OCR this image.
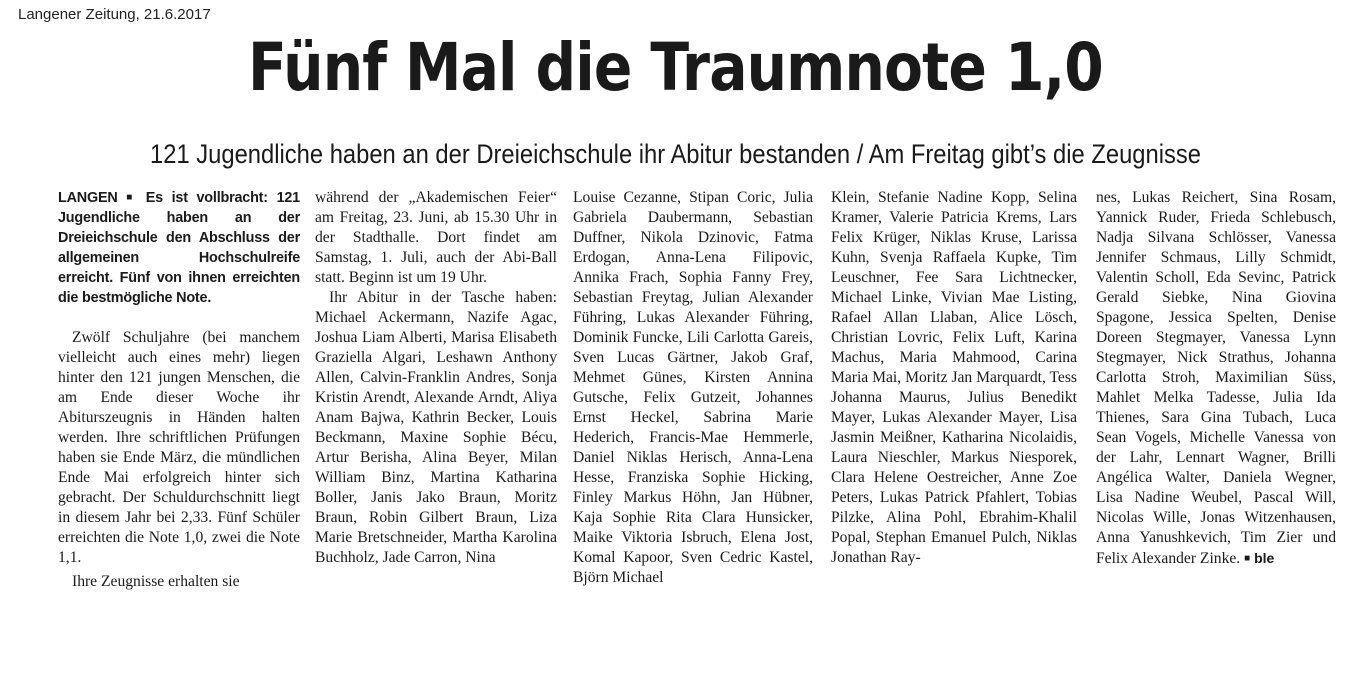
Langener Zeitung, 21.6.2017
Fünf Mal die Traumnote 1,0
121 Jugendliche haben an der Dreieichschule ihr Abitur bestanden / Am Freitag gibt’s die Zeugnisse

LANGEN ■ Es ist vollbracht: 121 Jugendliche haben an der Dreieichschule den Abschluss der allgemeinen Hochschulreife erreicht. Fünf von ihnen erreichten die bestmögliche Note.

Zwölf Schuljahre (bei manchem vielleicht auch eines mehr) liegen hinter den 121 jungen Menschen, die am Ende dieser Woche ihr Abiturszeugnis in Händen halten werden. Ihre schriftlichen Prüfungen haben sie Ende März, die mündlichen Ende Mai erfolgreich hinter sich gebracht. Der Schuldurchschnitt liegt in diesem Jahr bei 2,33. Fünf Schüler erreichten die Note 1,0, zwei die Note 1,1.

Ihre Zeugnisse erhalten sie

während der „Akademischen Feier“ am Freitag, 23. Juni, ab 15.30 Uhr in der Stadthalle. Dort findet am Samstag, 1. Juli, auch der Abi-Ball statt. Beginn ist um 19 Uhr.

Ihr Abitur in der Tasche haben: Michael Ackermann, Nazife Agac, Joshua Liam Alberti, Marisa Elisabeth Graziella Algari, Leshawn Anthony Allen, Calvin-Franklin Andres, Sonja Kristin Arendt, Alexande Arndt, Aliya Anam Bajwa, Kathrin Becker, Louis Beckmann, Maxine Sophie Bécu, Artur Berisha, Alina Beyer, Milan William Binz, Martina Katharina Boller, Janis Jako Braun, Moritz Braun, Robin Gilbert Braun, Liza Marie Bretschneider, Martha Karolina Buchholz, Jade Carron, Nina

Louise Cezanne, Stipan Coric, Julia Gabriela Daubermann, Sebastian Duffner, Nikola Dzinovic, Fatma Erdogan, Anna-Lena Filipovic, Annika Frach, Sophia Fanny Frey, Sebastian Freytag, Julian Alexander Führing, Lukas Alexander Führing, Dominik Funcke, Lili Carlotta Gareis, Sven Lucas Gärtner, Jakob Graf, Mehmet Günes, Kirsten Annina Gutsche, Felix Gutzeit, Johannes Ernst Heckel, Sabrina Marie Hederich, Francis-Mae Hemmerle, Daniel Niklas Herisch, Anna-Lena Hesse, Franziska Sophie Hicking, Finley Markus Höhn, Jan Hübner, Kaja Sophie Rita Clara Hunsicker, Maike Viktoria Isbruch, Elena Jost, Komal Kapoor, Sven Cedric Kastel, Björn Michael

Klein, Stefanie Nadine Kopp, Selina Kramer, Valerie Patricia Krems, Lars Felix Krüger, Niklas Kruse, Larissa Kuhn, Svenja Raffaela Kupke, Tim Leuschner, Fee Sara Lichtnecker, Michael Linke, Vivian Mae Listing, Rafael Allan Llaban, Alice Lösch, Christian Lovric, Felix Luft, Karina Machus, Maria Mahmood, Carina Maria Mai, Moritz Jan Marquardt, Tess Johanna Maurus, Julius Benedikt Mayer, Lukas Alexander Mayer, Lisa Jasmin Meißner, Katharina Nicolaidis, Laura Nieschler, Markus Niesporek, Clara Helene Oestreicher, Anne Zoe Peters, Lukas Patrick Pfahlert, Tobias Pilzke, Alina Pohl, Ebrahim-Khalil Popal, Stephan Emanuel Pulch, Niklas Jonathan Ray-

nes, Lukas Reichert, Sina Rosam, Yannick Ruder, Frieda Schlebusch, Nadja Silvana Schlösser, Vanessa Jennifer Schmaus, Lilly Schmidt, Valentin Scholl, Eda Sevinc, Patrick Gerald Siebke, Nina Giovina Spagone, Jessica Spelten, Denise Doreen Stegmayer, Vanessa Lynn Stegmayer, Nick Strathus, Johanna Carlotta Stroh, Maximilian Süss, Mahlet Melka Tadesse, Julia Ida Thienes, Sara Gina Tubach, Luca Sean Vogels, Michelle Vanessa von der Lahr, Lennart Wagner, Brilli Angélica Walter, Daniela Wegner, Lisa Nadine Weubel, Pascal Will, Nicolas Wille, Jonas Witzenhausen, Anna Yanushkevich, Tim Zier und Felix Alexander Zinke. ■ ble
